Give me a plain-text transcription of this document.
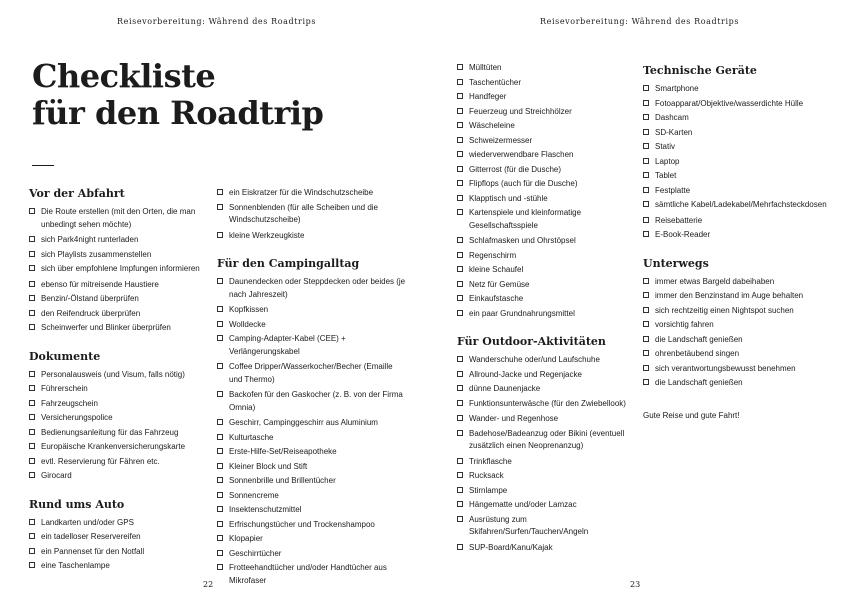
Reisevorbereitung: Während des Roadtrips
Checkliste
für den Roadtrip
Vor der Abfahrt
Die Route erstellen (mit den Orten, die man unbedingt sehen möchte)
sich Park4night runterladen
sich Playlists zusammenstellen
sich über empfohlene Impfungen informieren
ebenso für mitreisende Haustiere
Benzin/-Ölstand überprüfen
den Reifendruck überprüfen
Scheinwerfer und Blinker überprüfen
Dokumente
Personalausweis (und Visum, falls nötig)
Führerschein
Fahrzeugschein
Versicherungspolice
Bedienungsanleitung für das Fahrzeug
Europäische Krankenversicherungskarte
evtl. Reservierung für Fähren etc.
Girocard
Rund ums Auto
Landkarten und/oder GPS
ein tadelloser Reservereifen
ein Pannenset für den Notfall
eine Taschenlampe
ein Eiskratzer für die Windschutzscheibe
Sonnenblenden (für alle Scheiben und die Windschutzscheibe)
kleine Werkzeugkiste
Für den Campingalltag
Daunendecken oder Steppdecken oder beides (je nach Jahreszeit)
Kopfkissen
Wolldecke
Camping-Adapter-Kabel (CEE) + Verlängerungskabel
Coffee Dripper/Wasserkocher/Becher (Emaille und Thermo)
Backofen für den Gaskocher (z. B. von der Firma Omnia)
Geschirr, Campinggeschirr aus Aluminium
Kulturtasche
Erste-Hilfe-Set/Reiseapotheke
Kleiner Block und Stift
Sonnenbrille und Brillentücher
Sonnencreme
Insektenschutzmittel
Erfrischungstücher und Trockenshampoo
Klopapier
Geschirrtücher
Frotteehandtücher und/oder Handtücher aus Mikrofaser
22
Reisevorbereitung: Während des Roadtrips
Mülltüten
Taschentücher
Handfeger
Feuerzeug und Streichhölzer
Wäscheleine
Schweizermesser
wiederverwendbare Flaschen
Gitterrost (für die Dusche)
Flipflops (auch für die Dusche)
Klapptisch und -stühle
Kartenspiele und kleinformatige Gesellschaftsspiele
Schlafmasken und Ohrstöpsel
Regenschirm
kleine Schaufel
Netz für Gemüse
Einkaufstasche
ein paar Grundnahrungsmittel
Für Outdoor-Aktivitäten
Wanderschuhe oder/und Laufschuhe
Allround-Jacke und Regenjacke
dünne Daunenjacke
Funktionsunterwäsche (für den Zwiebellook)
Wander- und Regenhose
Badehose/Badeanzug oder Bikini (eventuell zusätzlich einen Neoprenanzug)
Trinkflasche
Rucksack
Stirnlampe
Hängematte und/oder Lamzac
Ausrüstung zum Skifahren/Surfen/Tauchen/Angeln
SUP-Board/Kanu/Kajak
Technische Geräte
Smartphone
Fotoapparat/Objektive/wasserdichte Hülle
Dashcam
SD-Karten
Stativ
Laptop
Tablet
Festplatte
sämtliche Kabel/Ladekabel/Mehrfachsteckdosen
Reisebatterie
E-Book-Reader
Unterwegs
immer etwas Bargeld dabeihaben
immer den Benzinstand im Auge behalten
sich rechtzeitig einen Nightspot suchen
vorsichtig fahren
die Landschaft genießen
ohrenbetäubend singen
sich verantwortungsbewusst benehmen
die Landschaft genießen
Gute Reise und gute Fahrt!
23
